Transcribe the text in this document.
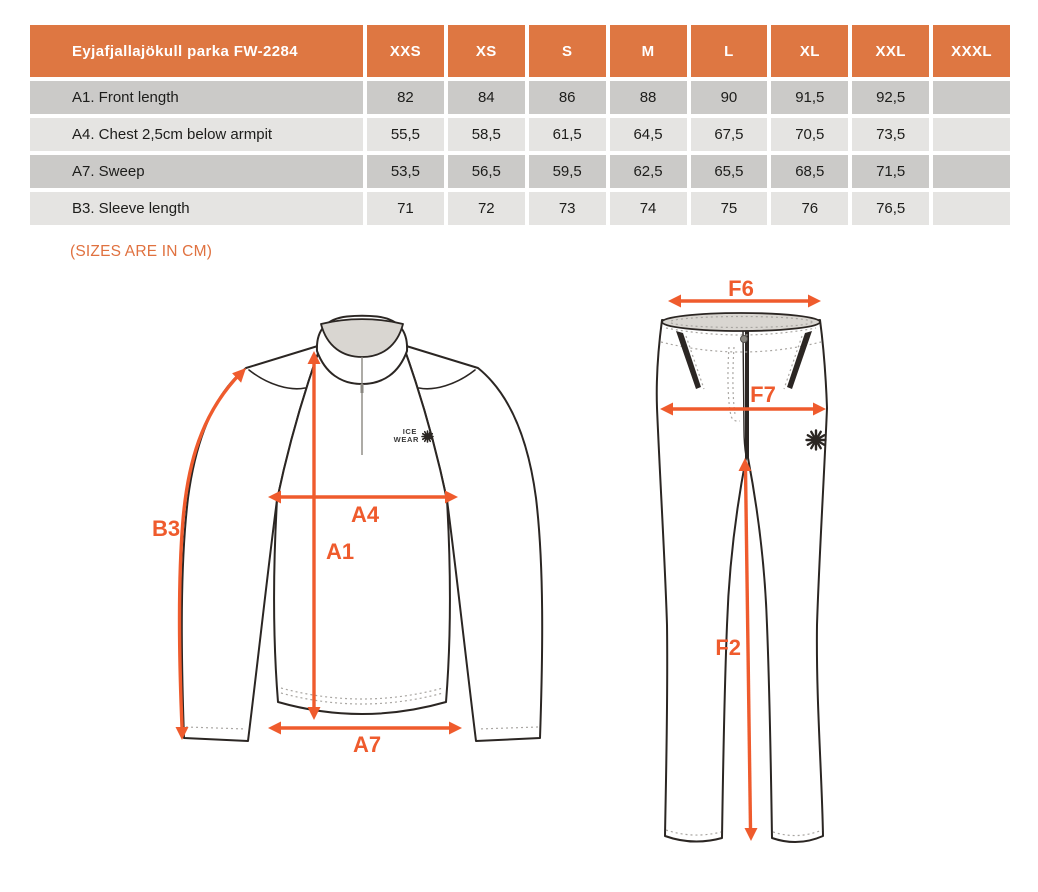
Eyjafjallajökull parka FW-2284	XXS	XS	S	M	L	XL	XXL	XXXL
A1. Front length	82	84	86	88	90	91,5	92,5
A4. Chest 2,5cm below armpit	55,5	58,5	61,5	64,5	67,5	70,5	73,5
A7. Sweep	53,5	56,5	59,5	62,5	65,5	68,5	71,5
B3. Sleeve length	71	72	73	74	75	76	76,5
(SIZES ARE IN CM)
ICE
WEAR
B3
A4
A1
A7
F6
F7
F2
